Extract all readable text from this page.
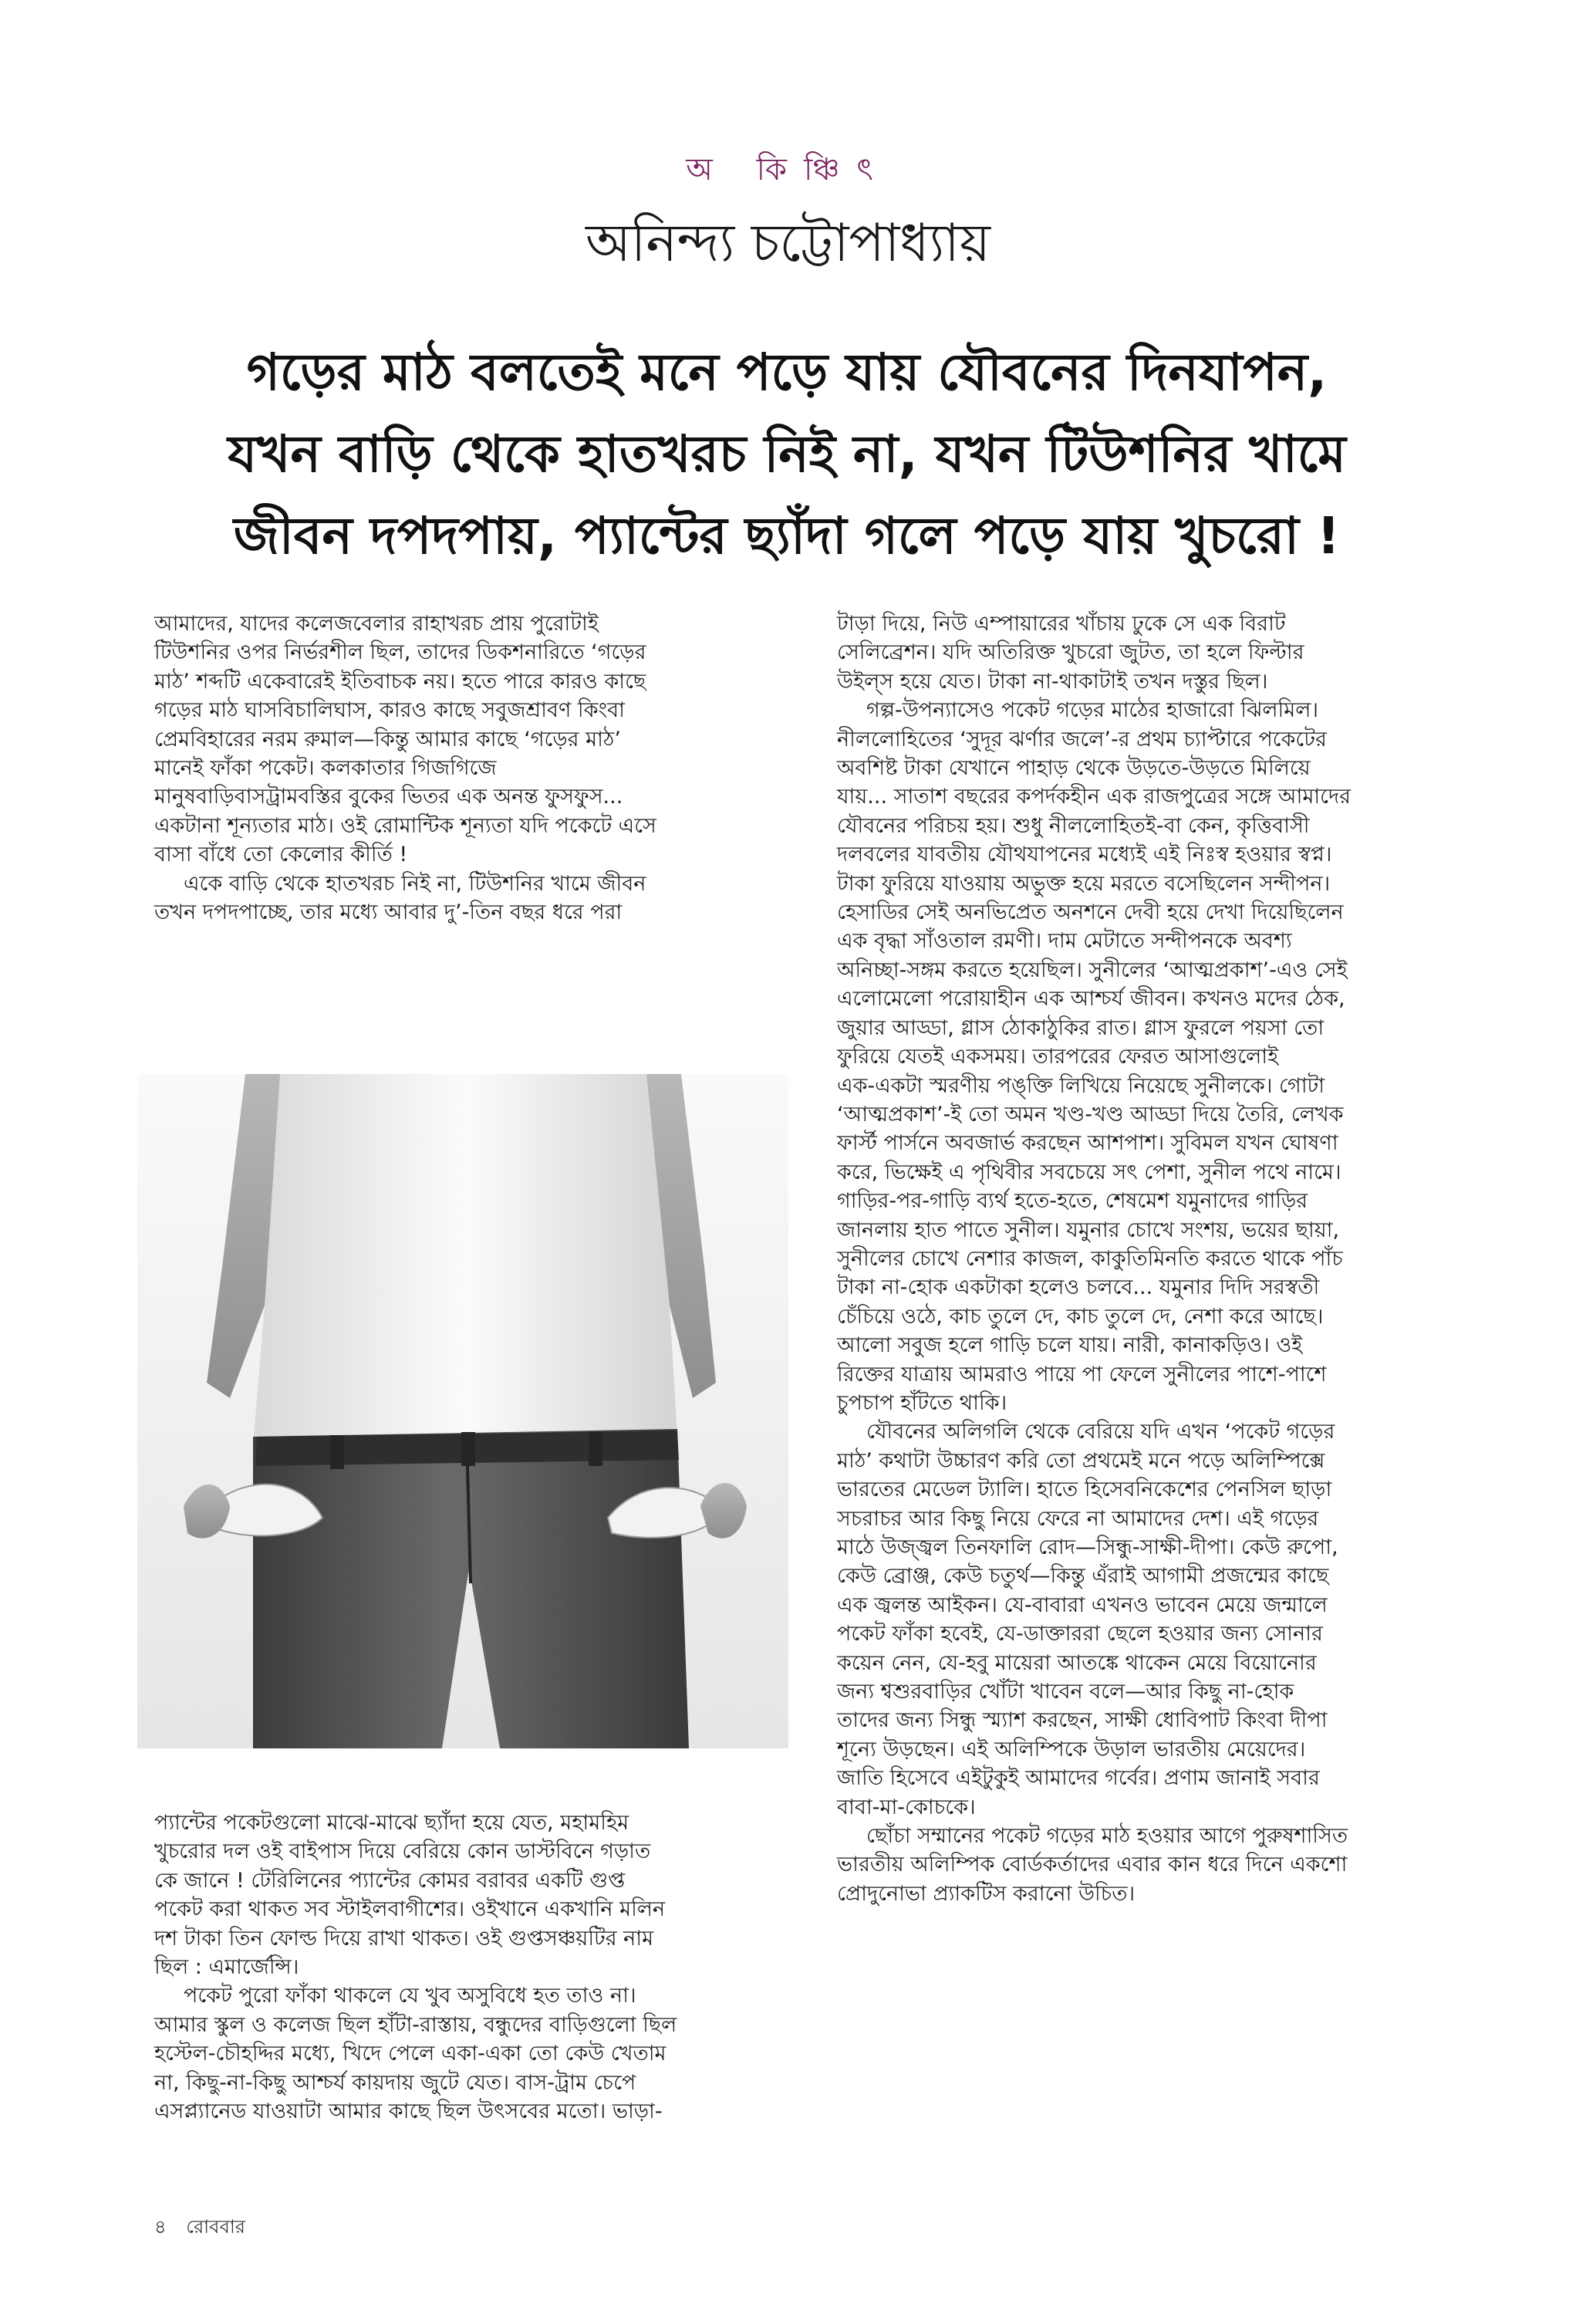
অ কিঞ্চিৎ
অনিন্দ্য চট্টোপাধ্যায়
গড়ের মাঠ বলতেই মনে পড়ে যায় যৌবনের দিনযাপন,
যখন বাড়ি থেকে হাতখরচ নিই না, যখন টিউশনির খামে
জীবন দপদপায়, প্যান্টের ছ্যাঁদা গলে পড়ে যায় খুচরো !

আমাদের, যাদের কলেজবেলার রাহাখরচ প্রায় পুরোটাই

টিউশনির ওপর নির্ভরশীল ছিল, তাদের ডিকশনারিতে ‘গড়ের

মাঠ’ শব্দটি একেবারেই ইতিবাচক নয়। হতে পারে কারও কাছে

গড়ের মাঠ ঘাসবিচালিঘাস, কারও কাছে সবুজশ্রাবণ কিংবা

প্রেমবিহারের নরম রুমাল—কিন্তু আমার কাছে ‘গড়ের মাঠ’

মানেই ফাঁকা পকেট। কলকাতার গিজগিজে

মানুষবাড়িবাসট্রামবস্তির বুকের ভিতর এক অনন্ত ফুসফুস...

একটানা শূন্যতার মাঠ। ওই রোমান্টিক শূন্যতা যদি পকেটে এসে

বাসা বাঁধে তো কেলোর কীর্তি !

একে বাড়ি থেকে হাতখরচ নিই না, টিউশনির খামে জীবন

তখন দপদপাচ্ছে, তার মধ্যে আবার দু’-তিন বছর ধরে পরা

প্যান্টের পকেটগুলো মাঝে-মাঝে ছ্যাঁদা হয়ে যেত, মহামহিম

খুচরোর দল ওই বাইপাস দিয়ে বেরিয়ে কোন ডাস্টবিনে গড়াত

কে জানে ! টেরিলিনের প্যান্টের কোমর বরাবর একটি গুপ্ত

পকেট করা থাকত সব স্টাইলবাগীশের। ওইখানে একখানি মলিন

দশ টাকা তিন ফোল্ড দিয়ে রাখা থাকত। ওই গুপ্তসঞ্চয়টির নাম

ছিল : এমার্জেন্সি।

পকেট পুরো ফাঁকা থাকলে যে খুব অসুবিধে হত তাও না।

আমার স্কুল ও কলেজ ছিল হাঁটা-রাস্তায়, বন্ধুদের বাড়িগুলো ছিল

হস্টেল-চৌহদ্দির মধ্যে, খিদে পেলে একা-একা তো কেউ খেতাম

না, কিছু-না-কিছু আশ্চর্য কায়দায় জুটে যেত। বাস-ট্রাম চেপে

এসপ্ল্যানেড যাওয়াটা আমার কাছে ছিল উৎসবের মতো। ভাড়া-

টাড়া দিয়ে, নিউ এম্পায়ারের খাঁচায় ঢুকে সে এক বিরাট

সেলিব্রেশন। যদি অতিরিক্ত খুচরো জুটত, তা হলে ফিল্টার

উইল্‌স হয়ে যেত। টাকা না-থাকাটাই তখন দস্তুর ছিল।

গল্প-উপন্যাসেও পকেট গড়ের মাঠের হাজারো ঝিলমিল।

নীললোহিতের ‘সুদূর ঝর্ণার জলে’-র প্রথম চ্যাপ্টারে পকেটের

অবশিষ্ট টাকা যেখানে পাহাড় থেকে উড়তে-উড়তে মিলিয়ে

যায়... সাতাশ বছরের কপর্দকহীন এক রাজপুত্রের সঙ্গে আমাদের

যৌবনের পরিচয় হয়। শুধু নীললোহিতই-বা কেন, কৃত্তিবাসী

দলবলের যাবতীয় যৌথযাপনের মধ্যেই এই নিঃস্ব হওয়ার স্বপ্ন।

টাকা ফুরিয়ে যাওয়ায় অভুক্ত হয়ে মরতে বসেছিলেন সন্দীপন।

হেসাডির সেই অনভিপ্রেত অনশনে দেবী হয়ে দেখা দিয়েছিলেন

এক বৃদ্ধা সাঁওতাল রমণী। দাম মেটাতে সন্দীপনকে অবশ্য

অনিচ্ছা-সঙ্গম করতে হয়েছিল। সুনীলের ‘আত্মপ্রকাশ’-এও সেই

এলোমেলো পরোয়াহীন এক আশ্চর্য জীবন। কখনও মদের ঠেক,

জুয়ার আড্ডা, গ্লাস ঠোকাঠুকির রাত। গ্লাস ফুরলে পয়সা তো

ফুরিয়ে যেতই একসময়। তারপরের ফেরত আসাগুলোই

এক-একটা স্মরণীয় পঙ্‌ক্তি লিখিয়ে নিয়েছে সুনীলকে। গোটা

‘আত্মপ্রকাশ’-ই তো অমন খণ্ড-খণ্ড আড্ডা দিয়ে তৈরি, লেখক

ফার্স্ট পার্সনে অবজার্ভ করছেন আশপাশ। সুবিমল যখন ঘোষণা

করে, ভিক্ষেই এ পৃথিবীর সবচেয়ে সৎ পেশা, সুনীল পথে নামে।

গাড়ির-পর-গাড়ি ব্যর্থ হতে-হতে, শেষমেশ যমুনাদের গাড়ির

জানলায় হাত পাতে সুনীল। যমুনার চোখে সংশয়, ভয়ের ছায়া,

সুনীলের চোখে নেশার কাজল, কাকুতিমিনতি করতে থাকে পাঁচ

টাকা না-হোক একটাকা হলেও চলবে... যমুনার দিদি সরস্বতী

চেঁচিয়ে ওঠে, কাচ তুলে দে, কাচ তুলে দে, নেশা করে আছে।

আলো সবুজ হলে গাড়ি চলে যায়। নারী, কানাকড়িও। ওই

রিক্তের যাত্রায় আমরাও পায়ে পা ফেলে সুনীলের পাশে-পাশে

চুপচাপ হাঁটতে থাকি।

যৌবনের অলিগলি থেকে বেরিয়ে যদি এখন ‘পকেট গড়ের

মাঠ’ কথাটা উচ্চারণ করি তো প্রথমেই মনে পড়ে অলিম্পিক্সে

ভারতের মেডেল ট্যালি। হাতে হিসেবনিকেশের পেনসিল ছাড়া

সচরাচর আর কিছু নিয়ে ফেরে না আমাদের দেশ। এই গড়ের

মাঠে উজ্জ্বল তিনফালি রোদ—সিন্ধু-সাক্ষী-দীপা। কেউ রুপো,

কেউ ব্রোঞ্জ, কেউ চতুর্থ—কিন্তু এঁরাই আগামী প্রজন্মের কাছে

এক জ্বলন্ত আইকন। যে-বাবারা এখনও ভাবেন মেয়ে জন্মালে

পকেট ফাঁকা হবেই, যে-ডাক্তাররা ছেলে হওয়ার জন্য সোনার

কয়েন নেন, যে-হবু মায়েরা আতঙ্কে থাকেন মেয়ে বিয়োনোর

জন্য শ্বশুরবাড়ির খোঁটা খাবেন বলে—আর কিছু না-হোক

তাদের জন্য সিন্ধু স্ম্যাশ করছেন, সাক্ষী ধোবিপাট কিংবা দীপা

শূন্যে উড়ছেন। এই অলিম্পিকে উড়াল ভারতীয় মেয়েদের।

জাতি হিসেবে এইটুকুই আমাদের গর্বের। প্রণাম জানাই সবার

বাবা-মা-কোচকে।

ছোঁচা সম্মানের পকেট গড়ের মাঠ হওয়ার আগে পুরুষশাসিত

ভারতীয় অলিম্পিক বোর্ডকর্তাদের এবার কান ধরে দিনে একশো

প্রোদুনোভা প্র্যাকটিস করানো উচিত।

৪ রোববার
